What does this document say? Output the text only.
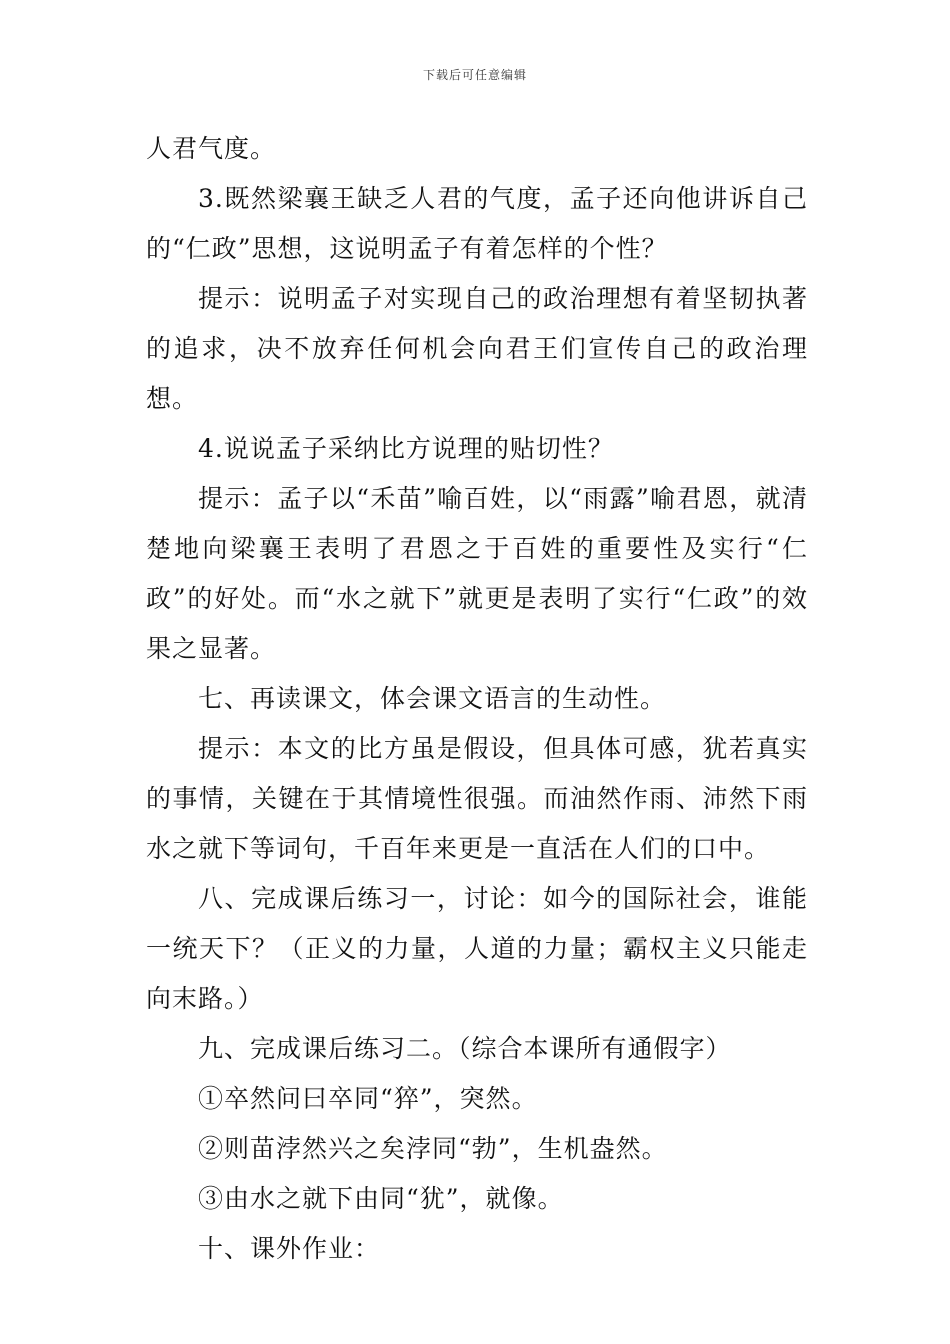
下载后可任意编辑

人君气度。

3.既然梁襄王缺乏人君的气度，孟子还向他讲诉自己的“仁政”思想，这说明孟子有着怎样的个性？

提示：说明孟子对实现自己的政治理想有着坚韧执著的追求，决不放弃任何机会向君王们宣传自己的政治理想。

4.说说孟子采纳比方说理的贴切性？

提示：孟子以“禾苗”喻百姓，以“雨露”喻君恩，就清楚地向梁襄王表明了君恩之于百姓的重要性及实行“仁政”的好处。而“水之就下”就更是表明了实行“仁政”的效果之显著。

七、再读课文，体会课文语言的生动性。

提示：本文的比方虽是假设，但具体可感，犹若真实的事情，关键在于其情境性很强。而油然作雨、沛然下雨水之就下等词句，千百年来更是一直活在人们的口中。

八、完成课后练习一，讨论：如今的国际社会，谁能一统天下？（正义的力量，人道的力量；霸权主义只能走向末路。）

九、完成课后练习二。（综合本课所有通假字）

①卒然问曰卒同“猝”，突然。

②则苗浡然兴之矣浡同“勃”，生机盎然。

③由水之就下由同“犹”，就像。

十、课外作业：
